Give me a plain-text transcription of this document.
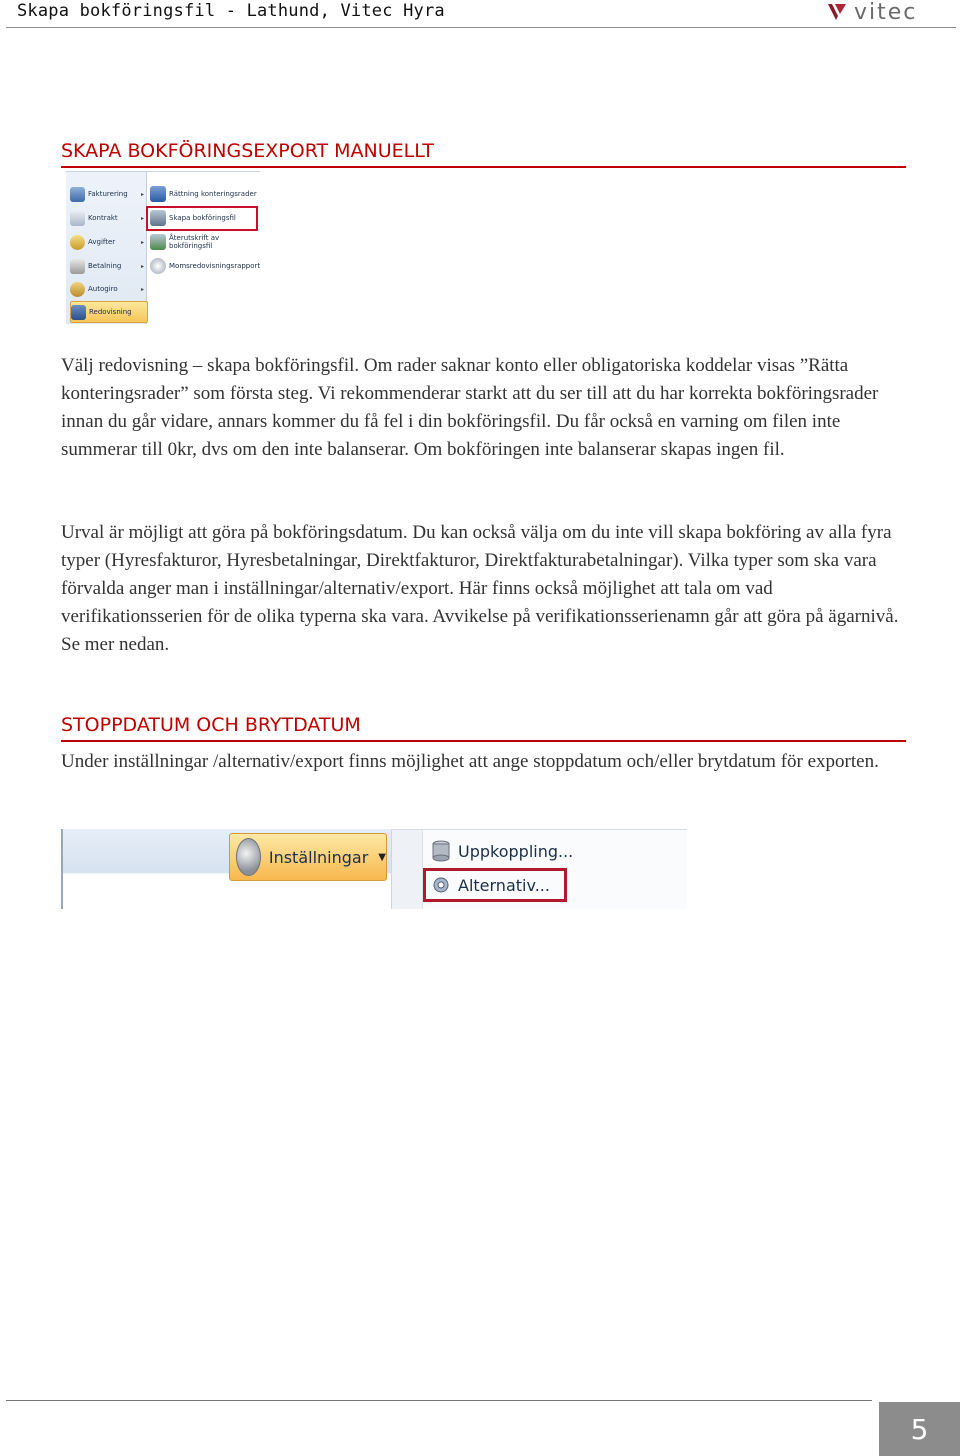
Skapa bokföringsfil - Lathund, Vitec Hyra	vitec
SKAPA BOKFÖRINGSEXPORT MANUELLT
Fakturering ▸
Kontrakt	▸
Avgifter	▸
Betalning	▸
Autogiro	▸
Redovisning
Rättning konteringsrader
Skapa bokföringsfil
Återutskrift av bokföringsfil
Momsredovisningsrapport

Välj redovisning – skapa bokföringsfil. Om rader saknar konto eller obligatoriska koddelar visas ”Rätta konteringsrader” som första steg. Vi rekommenderar starkt att du ser till att du har korrekta bokföringsrader innan du går vidare, annars kommer du få fel i din bokföringsfil. Du får också en varning om filen inte summerar till 0kr, dvs om den inte balanserar. Om bokföringen inte balanserar skapas ingen fil.

Urval är möjligt att göra på bokföringsdatum. Du kan också välja om du inte vill skapa bokföring av alla fyra typer (Hyresfakturor, Hyresbetalningar, Direktfakturor, Direktfakturabetalningar). Vilka typer som ska vara förvalda anger man i inställningar/alternativ/export. Här finns också möjlighet att tala om vad verifikationsserien för de olika typerna ska vara. Avvikelse på verifikationsserienamn går att göra på ägarnivå. Se mer nedan.

STOPPDATUM OCH BRYTDATUM

Under inställningar /alternativ/export finns möjlighet att ange stoppdatum och/eller brytdatum för exporten.

Inställningar ▼	Uppkoppling...
Alternativ...
5
